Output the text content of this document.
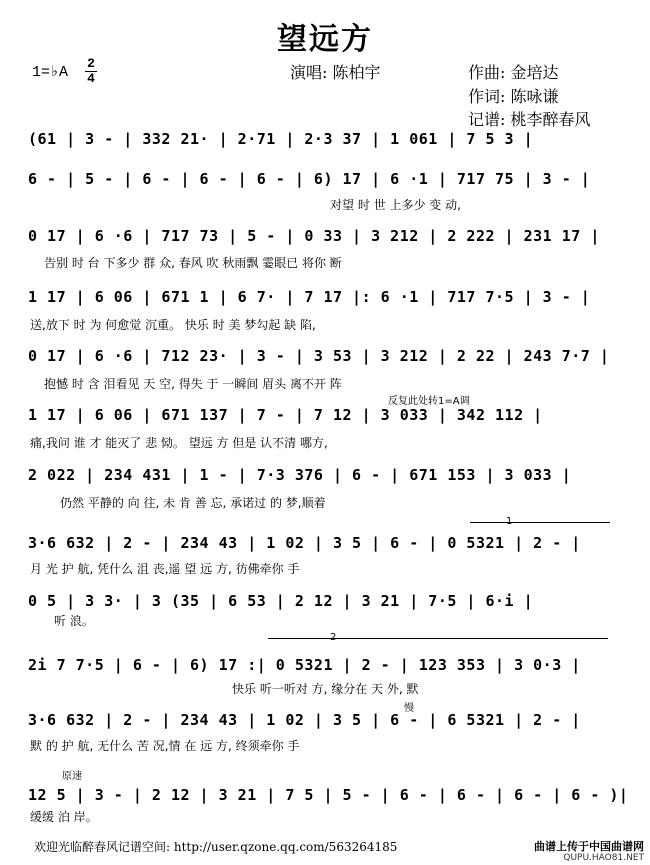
望远方
1=♭A
2
4	演唱: 陈柏宇	作曲: 金培达
作词: 陈咏谦
记谱: 桃李醉春风
(61 | 3 - | 332 21· | 2·71 | 2·3 37 | 1 061 | 7 5 3 |
6 - | 5 - | 6 - | 6 - | 6 - | 6) 17 | 6 ·1 | 717 75 | 3 - |
对望 时 世 上多少 变 动,
0 17 | 6 ·6 | 717 73 | 5 - | 0 33 | 3 212 | 2 222 | 231 17 |
告别 时 台 下多少 群 众, 春风 吹 秋雨飘 霎眼已 将你 断
1 17 | 6 06 | 671 1 | 6 7· | 7 17 |: 6 ·1 | 717 7·5 | 3 - |
送,放下 时 为 何愈觉 沉重。 快乐 时 美 梦勾起 缺 陷,
0 17 | 6 ·6 | 712 23· | 3 - | 3 53 | 3 212 | 2 22 | 243 7·7 |
抱憾 时 含 泪看见 天 空, 得失 于 一瞬间 眉头 离不开 阵
反复此处转1=A调
1 17 | 6 06 | 671 137 | 7 - | 7 12 | 3 033 | 342 112 |
痛,我问 谁 才 能灭了 悲 恸。 望远 方 但是 认不清 哪方,
2 022 | 234 431 | 1 - | 7·3 376 | 6 - | 671 153 | 3 033 |
仍然 平静的 向 往, 未 肯 善 忘, 承诺过 的 梦,顺着
1
3·6 632 | 2 - | 234 43 | 1 02 | 3 5 | 6 - | 0 5321 | 2 - |
月 光 护 航, 凭什么 沮 丧,遥 望 远 方, 彷佛牵你 手
0 5 | 3 3· | 3 (35 | 6 53 | 2 12 | 3 21 | 7·5 | 6·i |
听 浪。
2
2i 7 7·5 | 6 - | 6) 17 :| 0 5321 | 2 - | 123 353 | 3 0·3 |
快乐 听一听对 方, 缘分在 天 外, 默
慢
3·6 632 | 2 - | 234 43 | 1 02 | 3 5 | 6 - | 6 5321 | 2 - |
默 的 护 航, 无什么 苦 况,情 在 远 方, 终须牵你 手
原速
12 5 | 3 - | 2 12 | 3 21 | 7 5 | 5 - | 6 - | 6 - | 6 - | 6 - )|
缓缓 泊 岸。
欢迎光临醉春风记谱空间: http://user.qzone.qq.com/563264185	曲谱上传于中国曲谱网
QUPU.HAO81.NET
